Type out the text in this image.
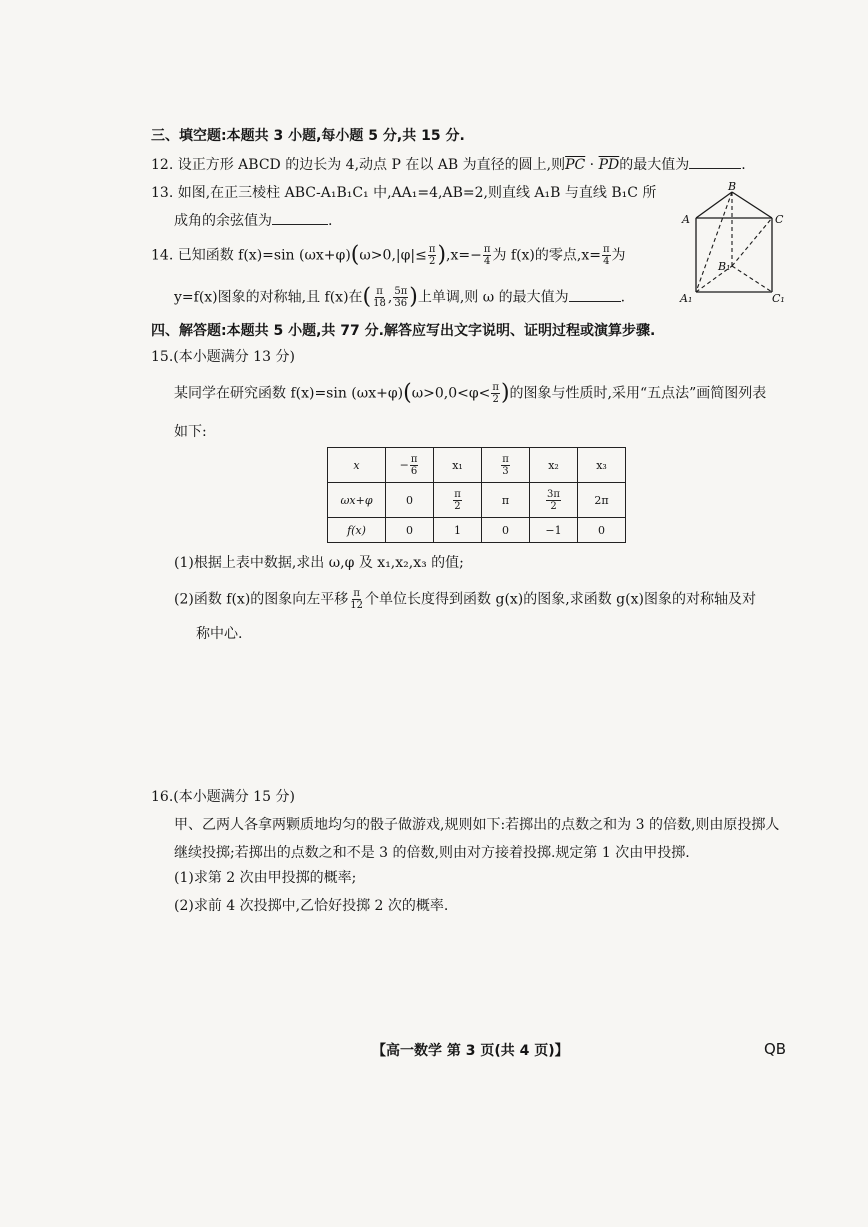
三、填空题:本题共 3 小题,每小题 5 分,共 15 分.
12. 设正方形 ABCD 的边长为 4,动点 P 在以 AB 为直径的圆上,则$\overline{PC} \cdot \overline{PD}$的最大值为	.
13. 如图,在正三棱柱 ABC-A₁B₁C₁ 中,AA₁=4,AB=2,则直线 A₁B 与直线 B₁C 所
成角的余弦值为	.
14. 已知函数 f(x)=sin $(\omega x+\varphi)(\omega>0,|\varphi|\le \frac{\pi}{2} ),x=- \frac{\pi}{4}$ 为 f(x)的零点$,x= \frac{\pi}{4}$ 为
y=f(x)图象的对称轴,且 f(x)在( $\frac{\pi}{18}$ , $\frac{5\pi}{36}$ )上单调,则 ω 的最大值为	.
B
A	C
B₁
A₁	C₁
四、解答题:本题共 5 小题,共 77 分.解答应写出文字说明、证明过程或演算步骤.
15.(本小题满分 13 分)
某同学在研究函数 f(x)=sin $(\omega x+\varphi)(\omega>0,0<\varphi< \frac{\pi}{2}$ )的图象与性质时,采用“五点法”画简图列表
如下:
x	− $\frac{\pi}{6}$	x₁	$\frac{\pi}{3}$	x₂	x₃
ωx+φ	0	$\frac{\pi}{2}$	π	$\frac{3\pi}{2}$	2π
f(x)	0	1	0	−1	0
(1)根据上表中数据,求出 ω,φ 及 x₁,x₂,x₃ 的值;
(2)函数 f(x)的图象向左平移 $\frac{\pi}{12}$ 个单位长度得到函数 g(x)的图象,求函数 g(x)图象的对称轴及对
称中心.
16.(本小题满分 15 分)
甲、乙两人各拿两颗质地均匀的骰子做游戏,规则如下:若掷出的点数之和为 3 的倍数,则由原投掷人
继续投掷;若掷出的点数之和不是 3 的倍数,则由对方接着投掷.规定第 1 次由甲投掷.
(1)求第 2 次由甲投掷的概率;
(2)求前 4 次投掷中,乙恰好投掷 2 次的概率.
【高一数学 第 3 页(共 4 页)】	QB
